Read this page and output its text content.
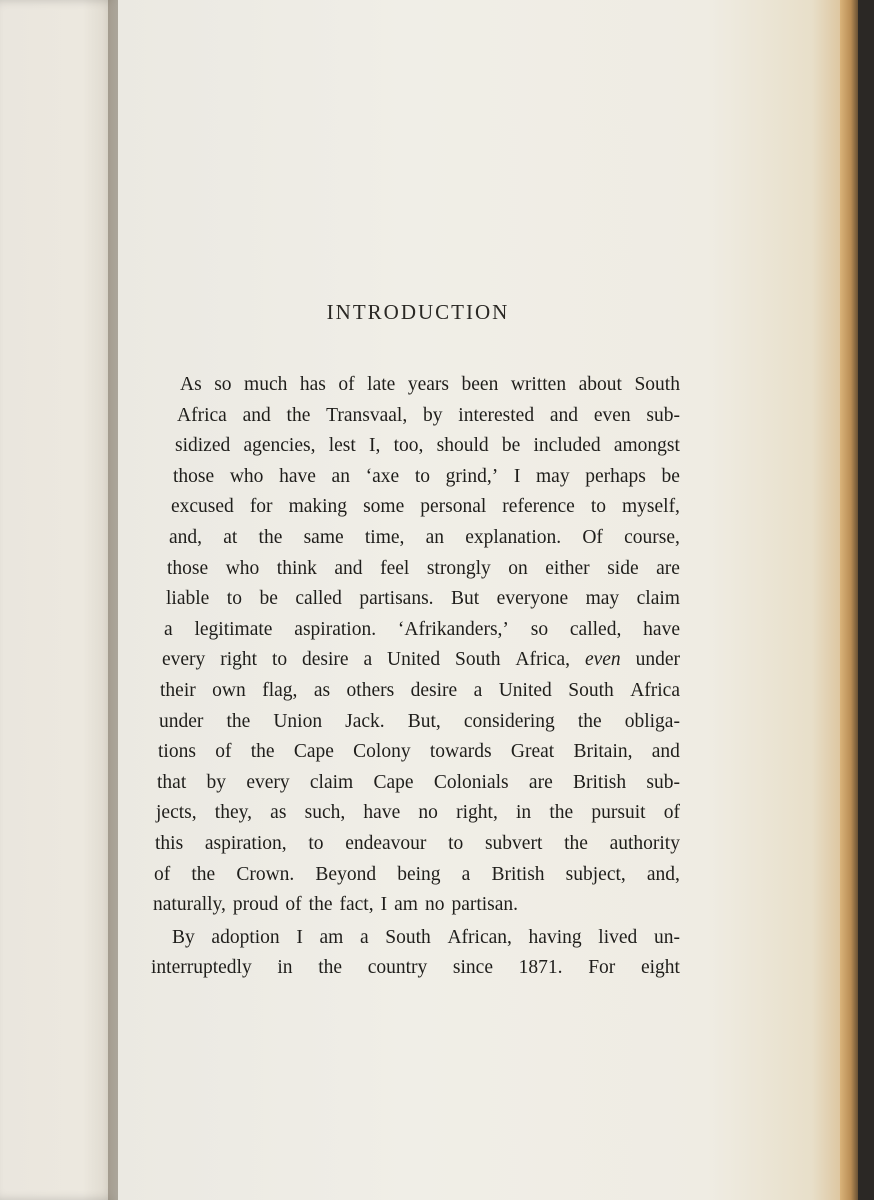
INTRODUCTION
As so much has of late years been written about South
Africa and the Transvaal, by interested and even sub-
sidized agencies, lest I, too, should be included amongst
those who have an ‘axe to grind,’ I may perhaps be
excused for making some personal reference to myself,
and, at the same time, an explanation. Of course,
those who think and feel strongly on either side are
liable to be called partisans. But everyone may claim
a legitimate aspiration. ‘Afrikanders,’ so called, have
every right to desire a United South Africa, even under
their own flag, as others desire a United South Africa
under the Union Jack. But, considering the obliga-
tions of the Cape Colony towards Great Britain, and
that by every claim Cape Colonials are British sub-
jects, they, as such, have no right, in the pursuit of
this aspiration, to endeavour to subvert the authority
of the Crown. Beyond being a British subject, and,
naturally, proud of the fact, I am no partisan.
By adoption I am a South African, having lived un-
interruptedly in the country since 1871. For eight
